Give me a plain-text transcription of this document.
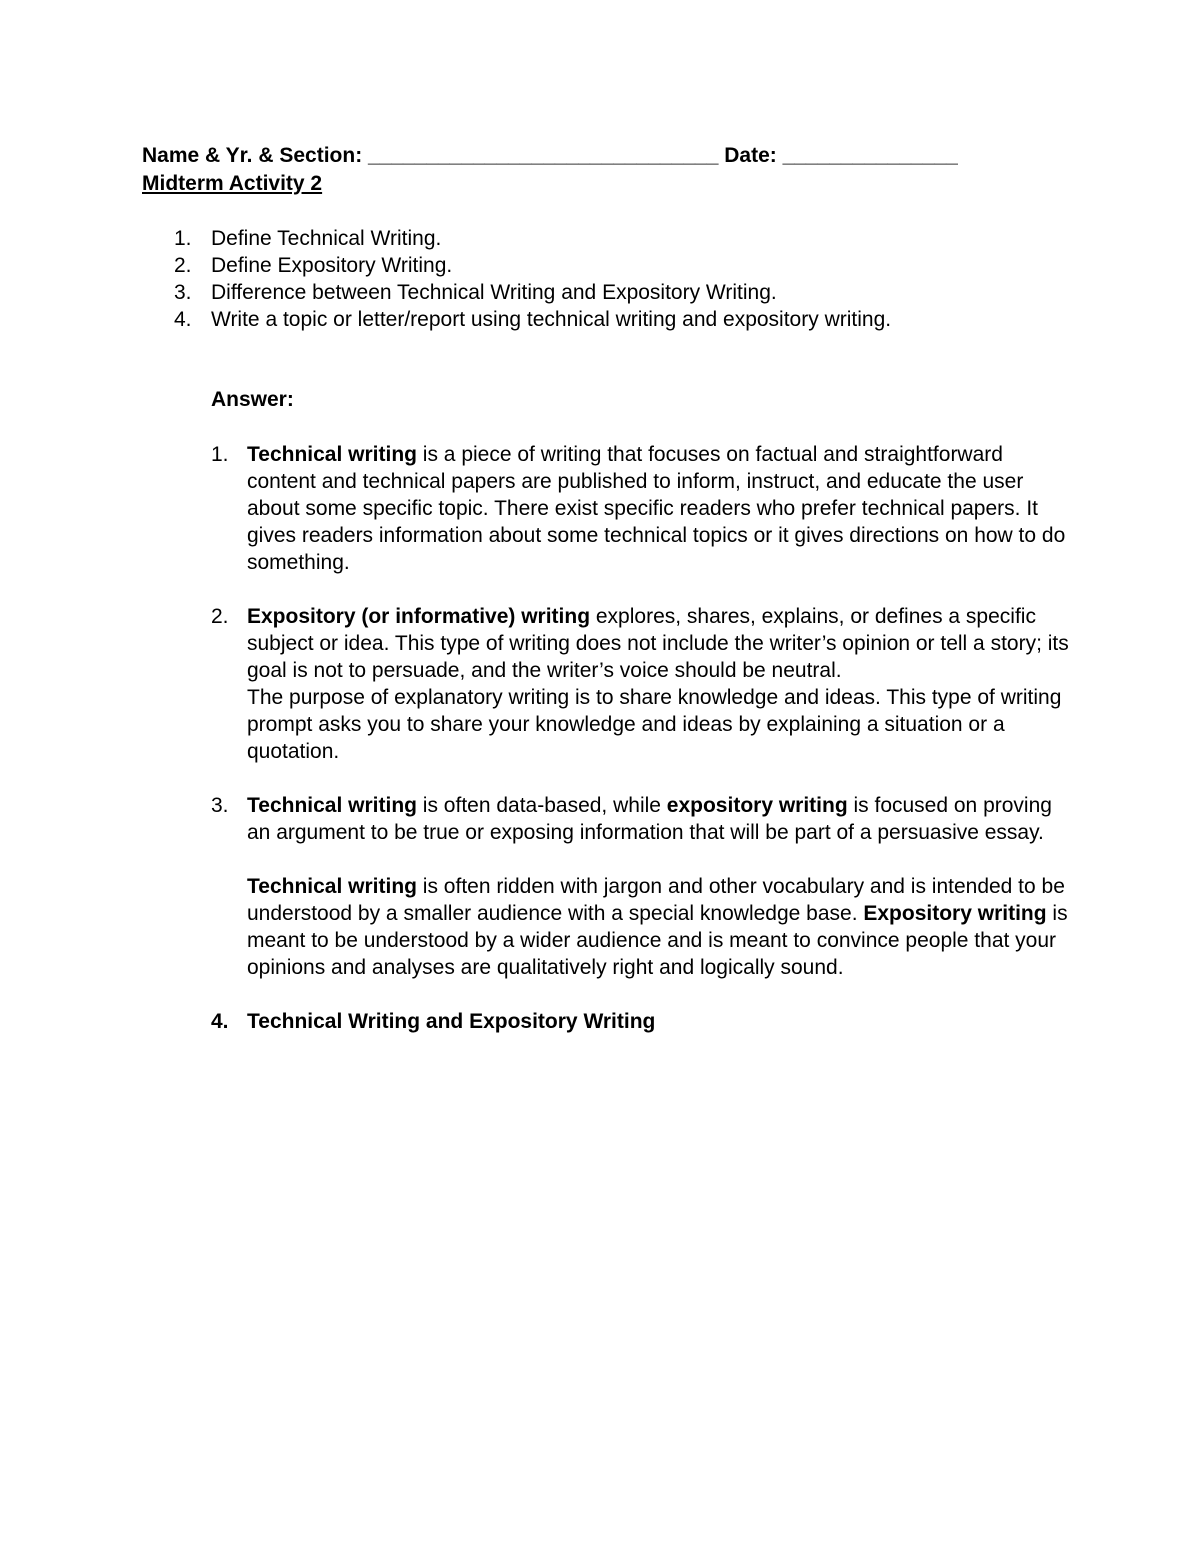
Name & Yr. & Section: ______________________________ Date: _______________
Midterm Activity 2
1. Define Technical Writing.
2. Define Expository Writing.
3. Difference between Technical Writing and Expository Writing.
4. Write a topic or letter/report using technical writing and expository writing.
Answer:
1. Technical writing is a piece of writing that focuses on factual and straightforward content and technical papers are published to inform, instruct, and educate the user about some specific topic. There exist specific readers who prefer technical papers. It gives readers information about some technical topics or it gives directions on how to do something.

2. Expository (or informative) writing explores, shares, explains, or defines a specific subject or idea. This type of writing does not include the writer’s opinion or tell a story; its goal is not to persuade, and the writer’s voice should be neutral.

The purpose of explanatory writing is to share knowledge and ideas. This type of writing prompt asks you to share your knowledge and ideas by explaining a situation or a quotation.

3. Technical writing is often data-based, while expository writing is focused on proving an argument to be true or exposing information that will be part of a persuasive essay.

Technical writing is often ridden with jargon and other vocabulary and is intended to be understood by a smaller audience with a special knowledge base. Expository writing is meant to be understood by a wider audience and is meant to convince people that your opinions and analyses are qualitatively right and logically sound.

4. Technical Writing and Expository Writing
